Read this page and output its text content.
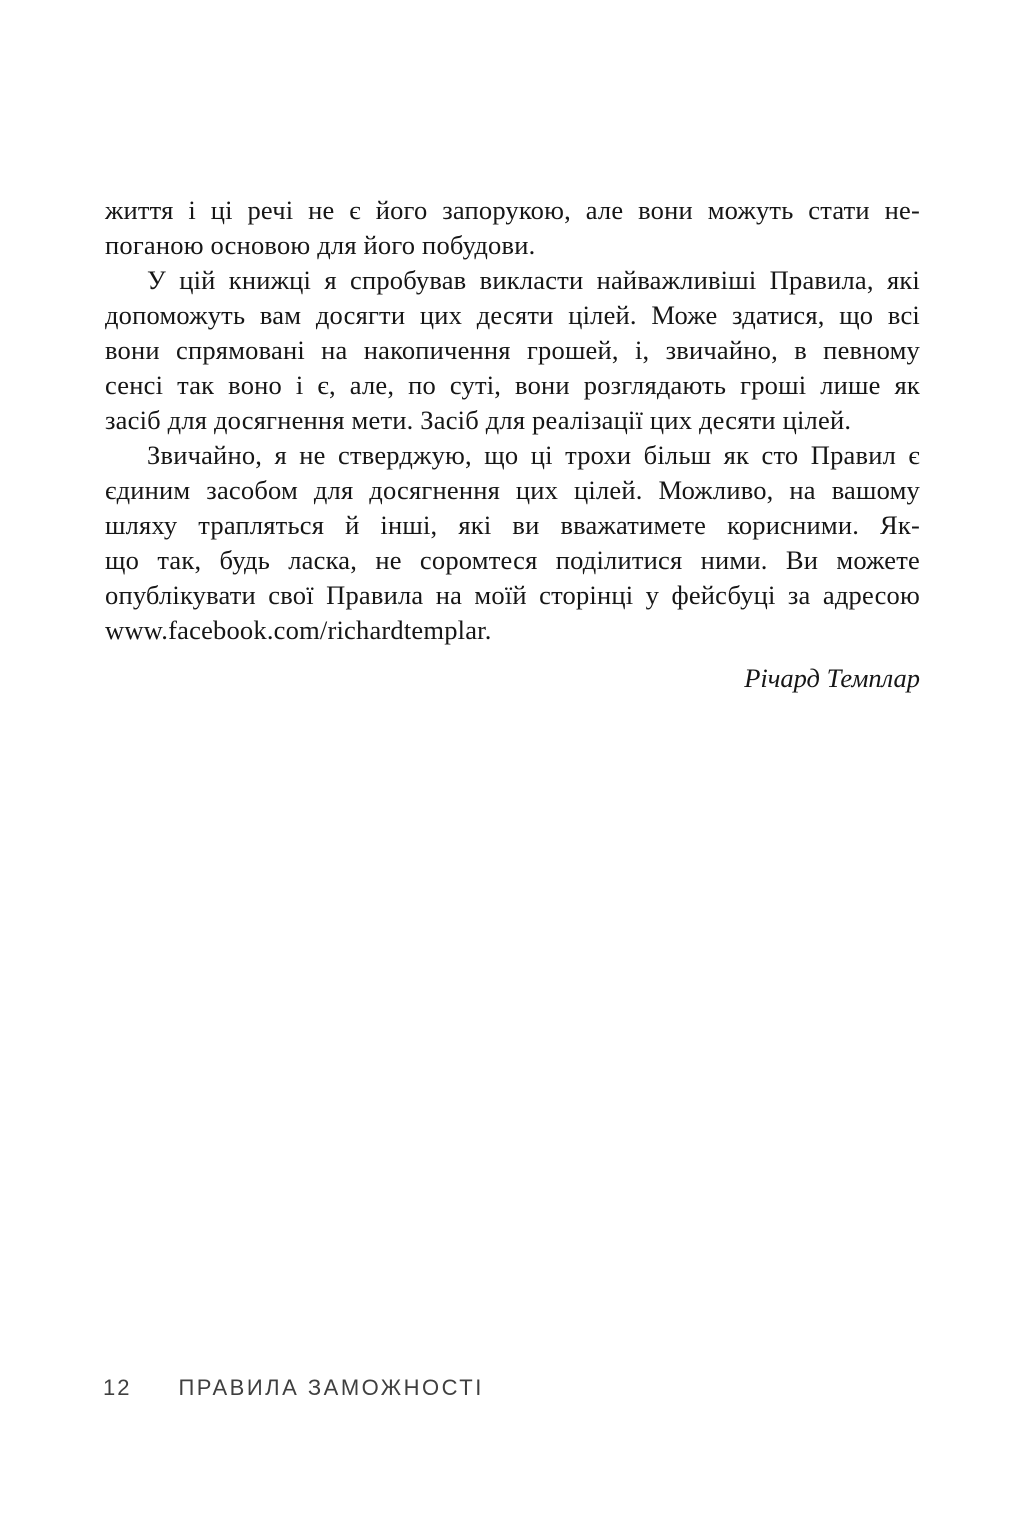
життя і ці речі не є його запорукою, але вони можуть стати не-
поганою основою для його побудови.
У цій книжці я спробував викласти найважливіші Правила, які
допоможуть вам досягти цих десяти цілей. Може здатися, що всі
вони спрямовані на накопичення грошей, і, звичайно, в певному
сенсі так воно і є, але, по суті, вони розглядають гроші лише як
засіб для досягнення мети. Засіб для реалізації цих десяти цілей.
Звичайно, я не стверджую, що ці трохи більш як сто Правил є
єдиним засобом для досягнення цих цілей. Можливо, на вашому
шляху трапляться й інші, які ви вважатимете корисними. Як-
що так, будь ласка, не соромтеся поділитися ними. Ви можете
опублікувати свої Правила на моїй сторінці у фейсбуці за адресою
www.facebook.com/richardtemplar.
Річард Темплар
12 ПРАВИЛА ЗАМОЖНОСТІ
